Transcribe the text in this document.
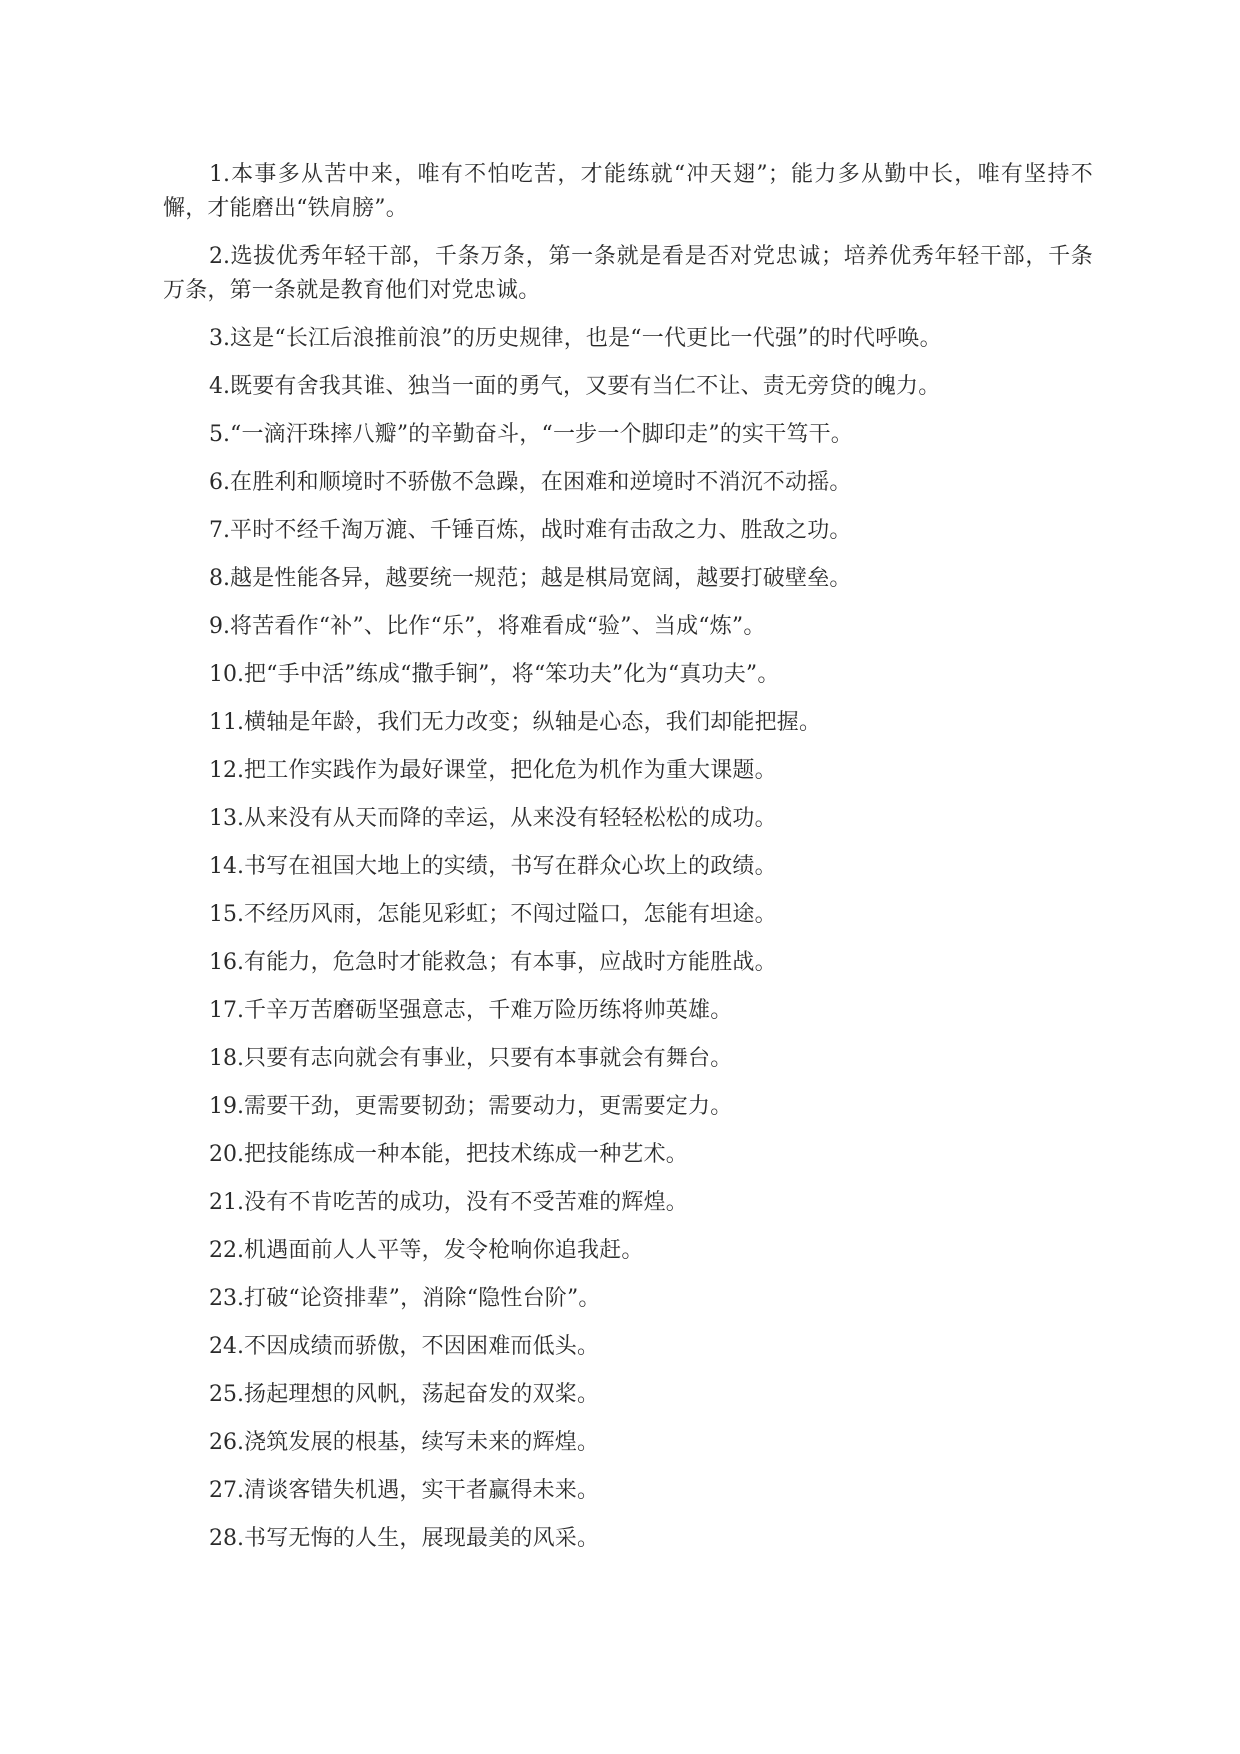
1.本事多从苦中来，唯有不怕吃苦，才能练就“冲天翅”；能力多从勤中长，唯有坚持不懈，才能磨出“铁肩膀”。

2.选拔优秀年轻干部，千条万条，第一条就是看是否对党忠诚；培养优秀年轻干部，千条万条，第一条就是教育他们对党忠诚。

3.这是“长江后浪推前浪”的历史规律，也是“一代更比一代强”的时代呼唤。

4.既要有舍我其谁、独当一面的勇气，又要有当仁不让、责无旁贷的魄力。

5.“一滴汗珠摔八瓣”的辛勤奋斗，“一步一个脚印走”的实干笃干。

6.在胜利和顺境时不骄傲不急躁，在困难和逆境时不消沉不动摇。

7.平时不经千淘万漉、千锤百炼，战时难有击敌之力、胜敌之功。

8.越是性能各异，越要统一规范；越是棋局宽阔，越要打破壁垒。

9.将苦看作“补”、比作“乐”，将难看成“验”、当成“炼”。

10.把“手中活”练成“撒手锏”，将“笨功夫”化为“真功夫”。

11.横轴是年龄，我们无力改变；纵轴是心态，我们却能把握。

12.把工作实践作为最好课堂，把化危为机作为重大课题。

13.从来没有从天而降的幸运，从来没有轻轻松松的成功。

14.书写在祖国大地上的实绩，书写在群众心坎上的政绩。

15.不经历风雨，怎能见彩虹；不闯过隘口，怎能有坦途。

16.有能力，危急时才能救急；有本事，应战时方能胜战。

17.千辛万苦磨砺坚强意志，千难万险历练将帅英雄。

18.只要有志向就会有事业，只要有本事就会有舞台。

19.需要干劲，更需要韧劲；需要动力，更需要定力。

20.把技能练成一种本能，把技术练成一种艺术。

21.没有不肯吃苦的成功，没有不受苦难的辉煌。

22.机遇面前人人平等，发令枪响你追我赶。

23.打破“论资排辈”，消除“隐性台阶”。

24.不因成绩而骄傲，不因困难而低头。

25.扬起理想的风帆，荡起奋发的双桨。

26.浇筑发展的根基，续写未来的辉煌。

27.清谈客错失机遇，实干者赢得未来。

28.书写无悔的人生，展现最美的风采。
